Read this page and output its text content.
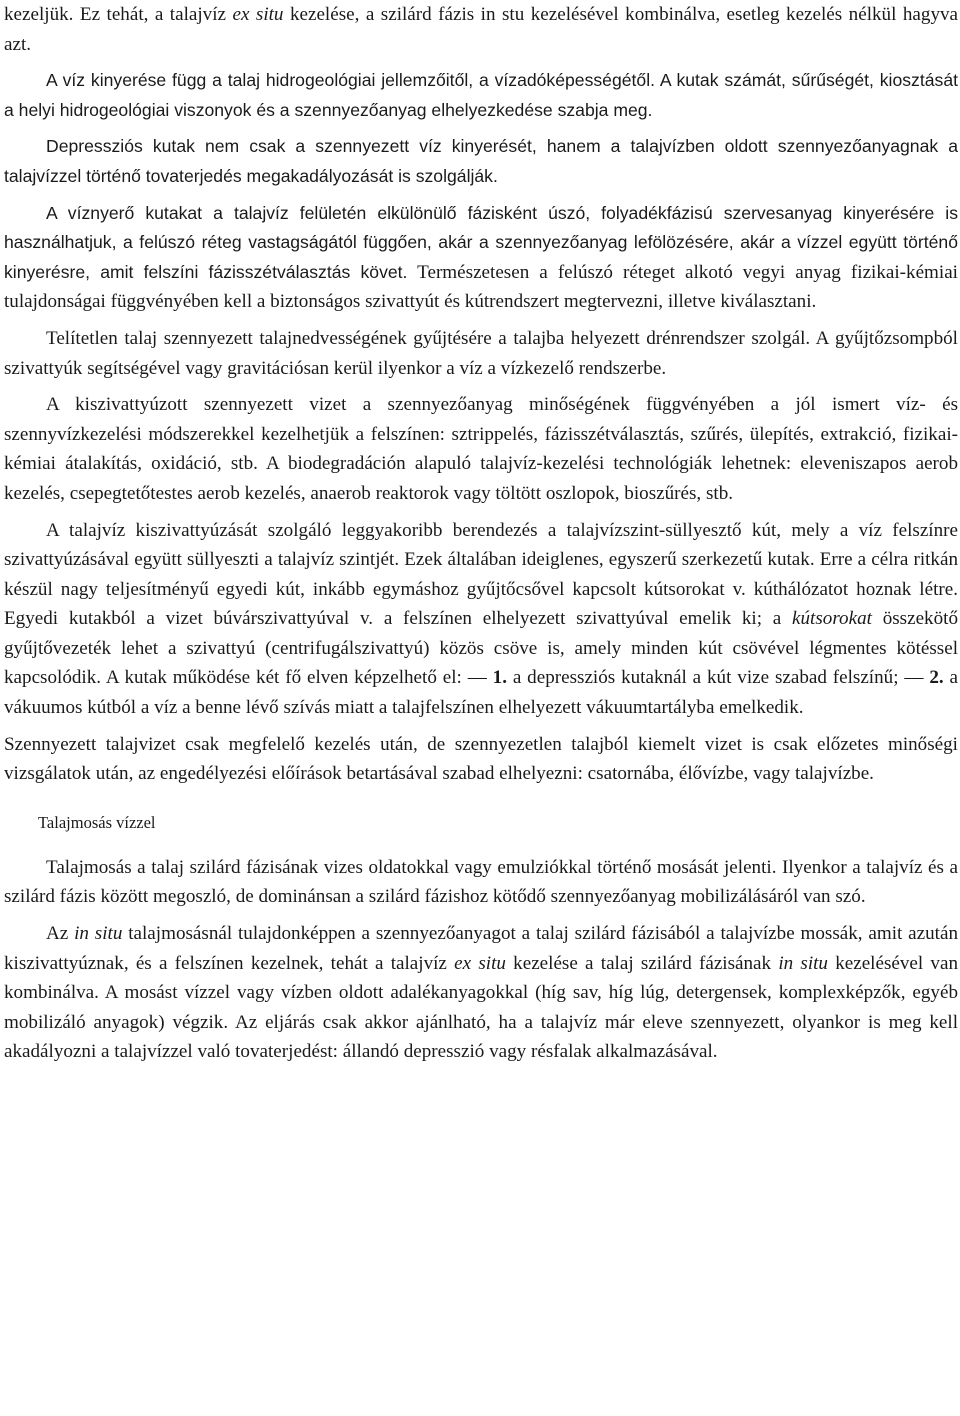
kezeljük. Ez tehát, a talajvíz ex situ kezelése, a szilárd fázis in stu kezelésével kombinálva, esetleg kezelés nélkül hagyva azt.

A víz kinyerése függ a talaj hidrogeológiai jellemzőitől, a vízadóképességétől. A kutak számát, sűrűségét, kiosztását a helyi hidrogeológiai viszonyok és a szennyezőanyag elhelyezkedése szabja meg.

Depressziós kutak nem csak a szennyezett víz kinyerését, hanem a talajvízben oldott szennyezőanyagnak a talajvízzel történő tovaterjedés megakadályozását is szolgálják.

A víznyerő kutakat a talajvíz felületén elkülönülő fázisként úszó, folyadékfázisú szervesanyag kinyerésére is használhatjuk, a felúszó réteg vastagságától függően, akár a szennyezőanyag lefölözésére, akár a vízzel együtt történő kinyerésre, amit felszíni fázisszétválasztás követ. Természetesen a felúszó réteget alkotó vegyi anyag fizikai-kémiai tulajdonságai függvényében kell a biztonságos szivattyút és kútrendszert megtervezni, illetve kiválasztani.

Telítetlen talaj szennyezett talajnedvességének gyűjtésére a talajba helyezett drénrendszer szolgál. A gyűjtőzsompból szivattyúk segítségével vagy gravitációsan kerül ilyenkor a víz a vízkezelő rendszerbe.

A kiszivattyúzott szennyezett vizet a szennyezőanyag minőségének függvényében a jól ismert víz- és szennyvízkezelési módszerekkel kezelhetjük a felszínen: sztrippelés, fázisszétválasztás, szűrés, ülepítés, extrakció, fizikai-kémiai átalakítás, oxidáció, stb. A biodegradáción alapuló talajvíz-kezelési technológiák lehetnek: eleveniszapos aerob kezelés, csepegtetőtestes aerob kezelés, anaerob reaktorok vagy töltött oszlopok, bioszűrés, stb.

A talajvíz kiszivattyúzását szolgáló leggyakoribb berendezés a talajvízszint-süllyesztő kút, mely a víz felszínre szivattyúzásával együtt süllyeszti a talajvíz szintjét. Ezek általában ideiglenes, egyszerű szerkezetű kutak. Erre a célra ritkán készül nagy teljesítményű egyedi kút, inkább egymáshoz gyűjtőcsővel kapcsolt kútsorokat v. kúthálózatot hoznak létre. Egyedi kutakból a vizet búvárszivattyúval v. a felszínen elhelyezett szivattyúval emelik ki; a kútsorokat összekötő gyűjtővezeték lehet a szivattyú (centrifugálszivattyú) közös csöve is, amely minden kút csövével légmentes kötéssel kapcsolódik. A kutak működése két fő elven képzelhető el: — 1. a depressziós kutaknál a kút vize szabad felszínű; — 2. a vákuumos kútból a víz a benne lévő szívás miatt a talajfelszínen elhelyezett vákuumtartályba emelkedik.

Szennyezett talajvizet csak megfelelő kezelés után, de szennyezetlen talajból kiemelt vizet is csak előzetes minőségi vizsgálatok után, az engedélyezési előírások betartásával szabad elhelyezni: csatornába, élővízbe, vagy talajvízbe.

Talajmosás vízzel

Talajmosás a talaj szilárd fázisának vizes oldatokkal vagy emulziókkal történő mosását jelenti. Ilyenkor a talajvíz és a szilárd fázis között megoszló, de dominánsan a szilárd fázishoz kötődő szennyezőanyag mobilizálásáról van szó.

Az in situ talajmosásnál tulajdonképpen a szennyezőanyagot a talaj szilárd fázisából a talajvízbe mossák, amit azután kiszivattyúznak, és a felszínen kezelnek, tehát a talajvíz ex situ kezelése a talaj szilárd fázisának in situ kezelésével van kombinálva. A mosást vízzel vagy vízben oldott adalékanyagokkal (híg sav, híg lúg, detergensek, komplexképzők, egyéb mobilizáló anyagok) végzik. Az eljárás csak akkor ajánlható, ha a talajvíz már eleve szennyezett, olyankor is meg kell akadályozni a talajvízzel való tovaterjedést: állandó depresszió vagy résfalak alkalmazásával.
